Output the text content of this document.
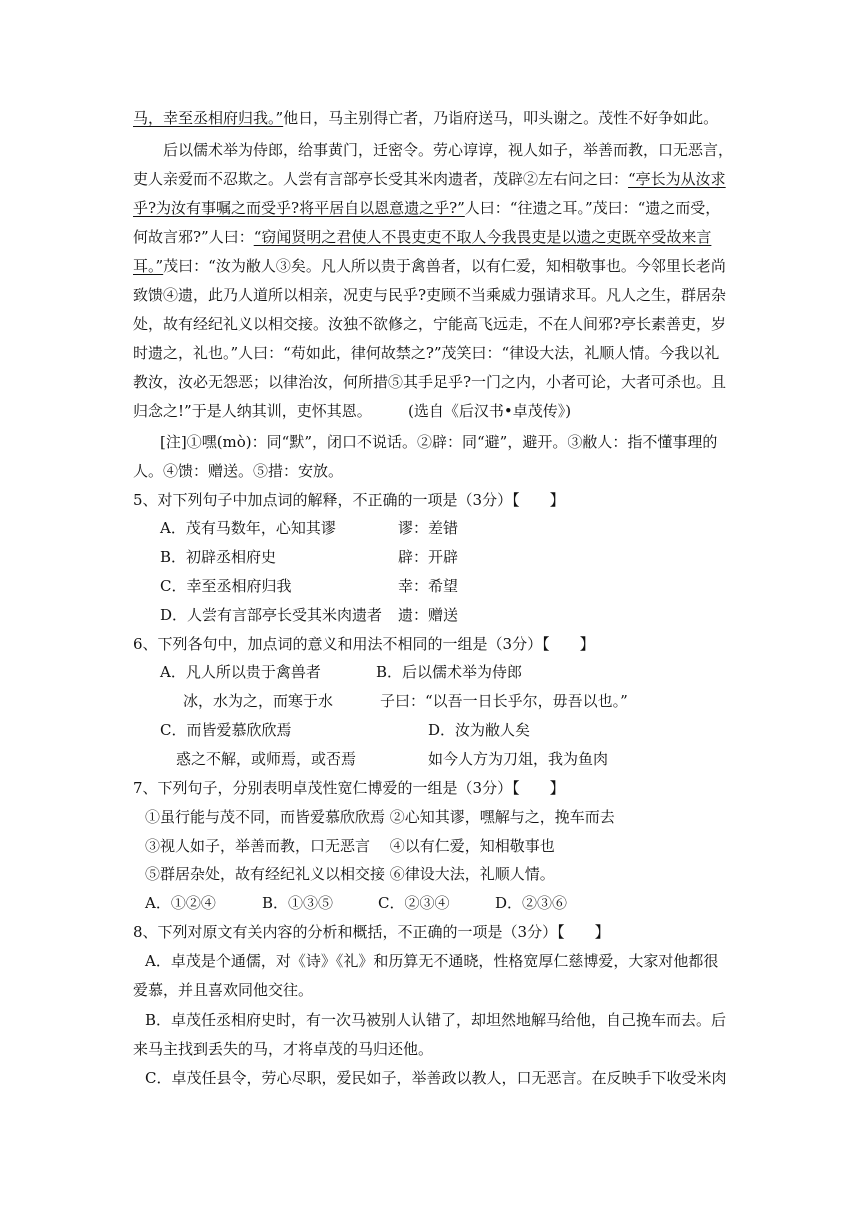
马，幸至丞相府归我。”他日，马主别得亡者，乃诣府送马，叩头谢之。茂性不好争如此。
后以儒术举为侍郎，给事黄门，迁密令。劳心谆谆，视人如子，举善而教，口无恶言，
吏人亲爱而不忍欺之。人尝有言部亭长受其米肉遗者，茂辟②左右问之曰：“亭长为从汝求
乎?为汝有事嘱之而受乎?将平居自以恩意遗之乎?”人曰：“往遗之耳。”茂曰：“遗之而受，
何故言邪?”人曰：“窃闻贤明之君使人不畏吏吏不取人今我畏吏是以遗之吏既卒受故来言
耳。”茂曰：“汝为敝人③矣。凡人所以贵于禽兽者，以有仁爱，知相敬事也。今邻里长老尚
致馈④遗，此乃人道所以相亲，况吏与民乎?吏顾不当乘威力强请求耳。凡人之生，群居杂
处，故有经纪礼义以相交接。汝独不欲修之，宁能高飞远走，不在人间邪?亭长素善吏，岁
时遗之，礼也。”人曰：“苟如此，律何故禁之?”茂笑曰：“律设大法，礼顺人情。今我以礼
教汝，汝必无怨恶；以律治汝，何所措⑤其手足乎?一门之内，小者可论，大者可杀也。且
归念之!”于是人纳其训，吏怀其恩。 (选自《后汉书•卓茂传》)
[注]①嘿(mò)：同“默”，闭口不说话。②辟：同“避”，避开。③敝人：指不懂事理的
人。④馈：赠送。⑤措：安放。
5、对下列句子中加点词的解释，不正确的一项是（3分）【　　】
A．茂有马数年，心知其谬	谬：差错
B．初辟丞相府史	辟：开辟
C．幸至丞相府归我	幸：希望
D．人尝有言部亭长受其米肉遗者 遗：赠送
6、下列各句中，加点词的意义和用法不相同的一组是（3分）【　　】
A．凡人所以贵于禽兽者	B．后以儒术举为侍郎
冰，水为之，而寒于水	子曰：“以吾一日长乎尔，毋吾以也。”
C．而皆爱慕欣欣焉	D．汝为敝人矣
惑之不解，或师焉，或否焉	如今人方为刀俎，我为鱼肉
7、下列句子，分别表明卓茂性宽仁博爱的一组是（3分）【　　】
①虽行能与茂不同，而皆爱慕欣欣焉 ②心知其谬，嘿解与之，挽车而去
③视人如子，举善而教，口无恶言　 ④以有仁爱，知相敬事也
⑤群居杂处，故有经纪礼义以相交接 ⑥律设大法，礼顺人情。
A．①②④	B．①③⑤	C．②③④	D．②③⑥
8、下列对原文有关内容的分析和概括，不正确的一项是（3分）【　　】
A．卓茂是个通儒，对《诗》《礼》和历算无不通晓，性格宽厚仁慈博爱，大家对他都很
爱慕，并且喜欢同他交往。
B．卓茂任丞相府史时，有一次马被别人认错了，却坦然地解马给他，自己挽车而去。后
来马主找到丢失的马，才将卓茂的马归还他。
C．卓茂任县令，劳心尽职，爱民如子，举善政以教人，口无恶言。在反映手下收受米肉
